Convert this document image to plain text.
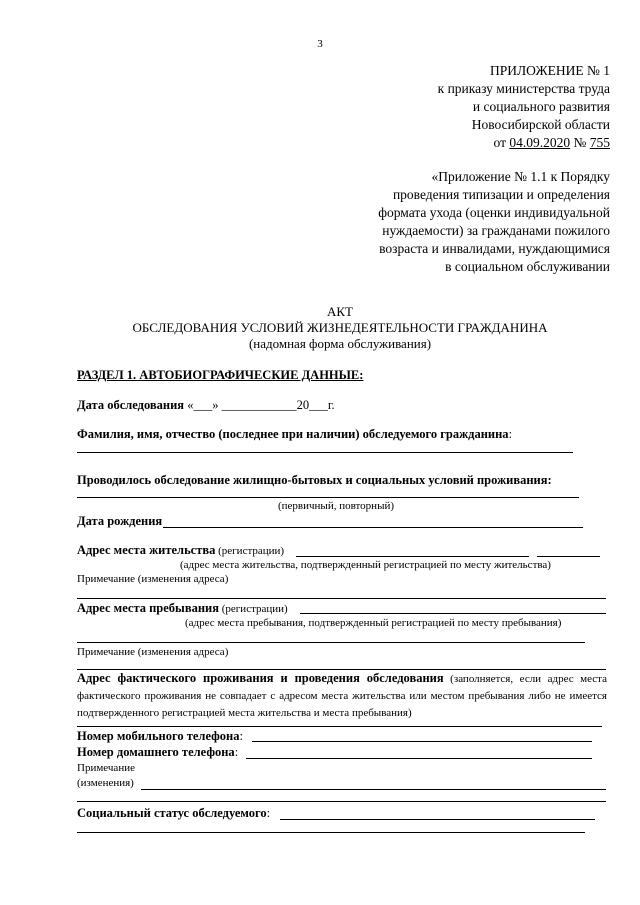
3
ПРИЛОЖЕНИЕ № 1
к приказу министерства труда
и социального развития
Новосибирской области
от 04.09.2020 № 755
«Приложение № 1.1 к Порядку
проведения типизации и определения
формата ухода (оценки индивидуальной
нуждаемости) за гражданами пожилого
возраста и инвалидами, нуждающимися
в социальном обслуживании
АКТ
ОБСЛЕДОВАНИЯ УСЛОВИЙ ЖИЗНЕДЕЯТЕЛЬНОСТИ ГРАЖДАНИНА
(надомная форма обслуживания)
РАЗДЕЛ 1. АВТОБИОГРАФИЧЕСКИЕ ДАННЫЕ:
Дата обследования «___» ____________20___г.
Фамилия, имя, отчество (последнее при наличии) обследуемого гражданина:
Проводилось обследование жилищно-бытовых и социальных условий проживания:
(первичный, повторный)
Дата рождения
Адрес места жительства (регистрации)
(адрес места жительства, подтвержденный регистрацией по месту жительства)
Примечание (изменения адреса)
Адрес места пребывания (регистрации)
(адрес места пребывания, подтвержденный регистрацией по месту пребывания)
Примечание (изменения адреса)
Адрес фактического проживания и проведения обследования (заполняется, если адрес места фактического проживания не совпадает с адресом места жительства или местом пребывания либо не имеется подтвержденного регистрацией места жительства и места пребывания)
Номер мобильного телефона:
Номер домашнего телефона:
Примечание
(изменения)
Социальный статус обследуемого:
